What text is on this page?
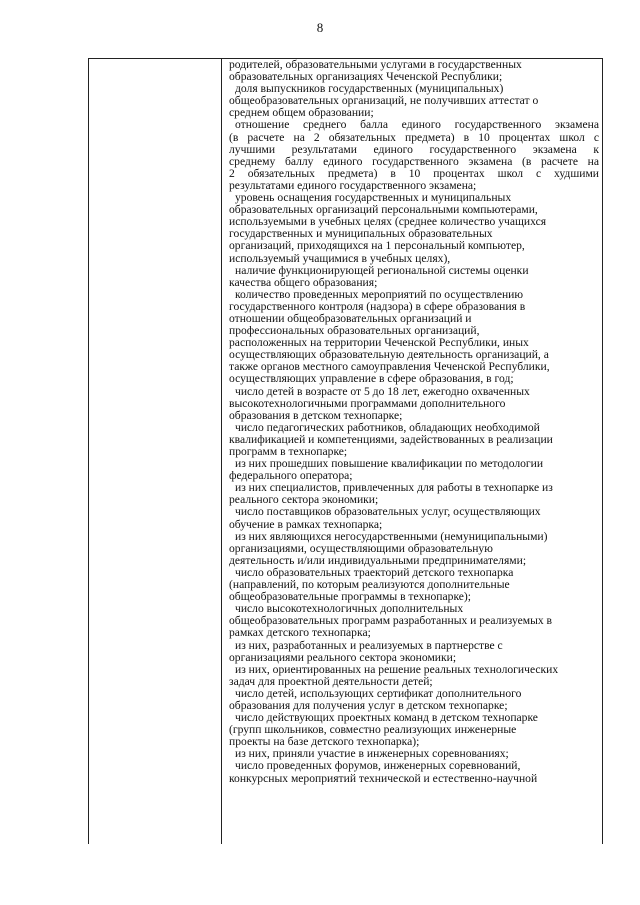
8
родителей, образовательными услугами в государственных
образовательных организациях Чеченской Республики;
доля выпускников государственных (муниципальных)
общеобразовательных организаций, не получивших аттестат о
среднем общем образовании;
отношение среднего балла единого государственного экзамена
(в расчете на 2 обязательных предмета) в 10 процентах школ с
лучшими результатами единого государственного экзамена к
среднему баллу единого государственного экзамена (в расчете на
2 обязательных предмета) в 10 процентах школ с худшими
результатами единого государственного экзамена;
уровень оснащения государственных и муниципальных
образовательных организаций персональными компьютерами,
используемыми в учебных целях (среднее количество учащихся
государственных и муниципальных образовательных
организаций, приходящихся на 1 персональный компьютер,
используемый учащимися в учебных целях),
наличие функционирующей региональной системы оценки
качества общего образования;
количество проведенных мероприятий по осуществлению
государственного контроля (надзора) в сфере образования в
отношении общеобразовательных организаций и
профессиональных образовательных организаций,
расположенных на территории Чеченской Республики, иных
осуществляющих образовательную деятельность организаций, а
также органов местного самоуправления Чеченской Республики,
осуществляющих управление в сфере образования, в год;
число детей в возрасте от 5 до 18 лет, ежегодно охваченных
высокотехнологичными программами дополнительного
образования в детском технопарке;
число педагогических работников, обладающих необходимой
квалификацией и компетенциями, задействованных в реализации
программ в технопарке;
из них прошедших повышение квалификации по методологии
федерального оператора;
из них специалистов, привлеченных для работы в технопарке из
реального сектора экономики;
число поставщиков образовательных услуг, осуществляющих
обучение в рамках технопарка;
из них являющихся негосударственными (немуниципальными)
организациями, осуществляющими образовательную
деятельность и/или индивидуальными предпринимателями;
число образовательных траекторий детского технопарка
(направлений, по которым реализуются дополнительные
общеобразовательные программы в технопарке);
число высокотехнологичных дополнительных
общеобразовательных программ разработанных и реализуемых в
рамках детского технопарка;
из них, разработанных и реализуемых в партнерстве с
организациями реального сектора экономики;
из них, ориентированных на решение реальных технологических
задач для проектной деятельности детей;
число детей, использующих сертификат дополнительного
образования для получения услуг в детском технопарке;
число действующих проектных команд в детском технопарке
(групп школьников, совместно реализующих инженерные
проекты на базе детского технопарка);
из них, приняли участие в инженерных соревнованиях;
число проведенных форумов, инженерных соревнований,
конкурсных мероприятий технической и естественно-научной
